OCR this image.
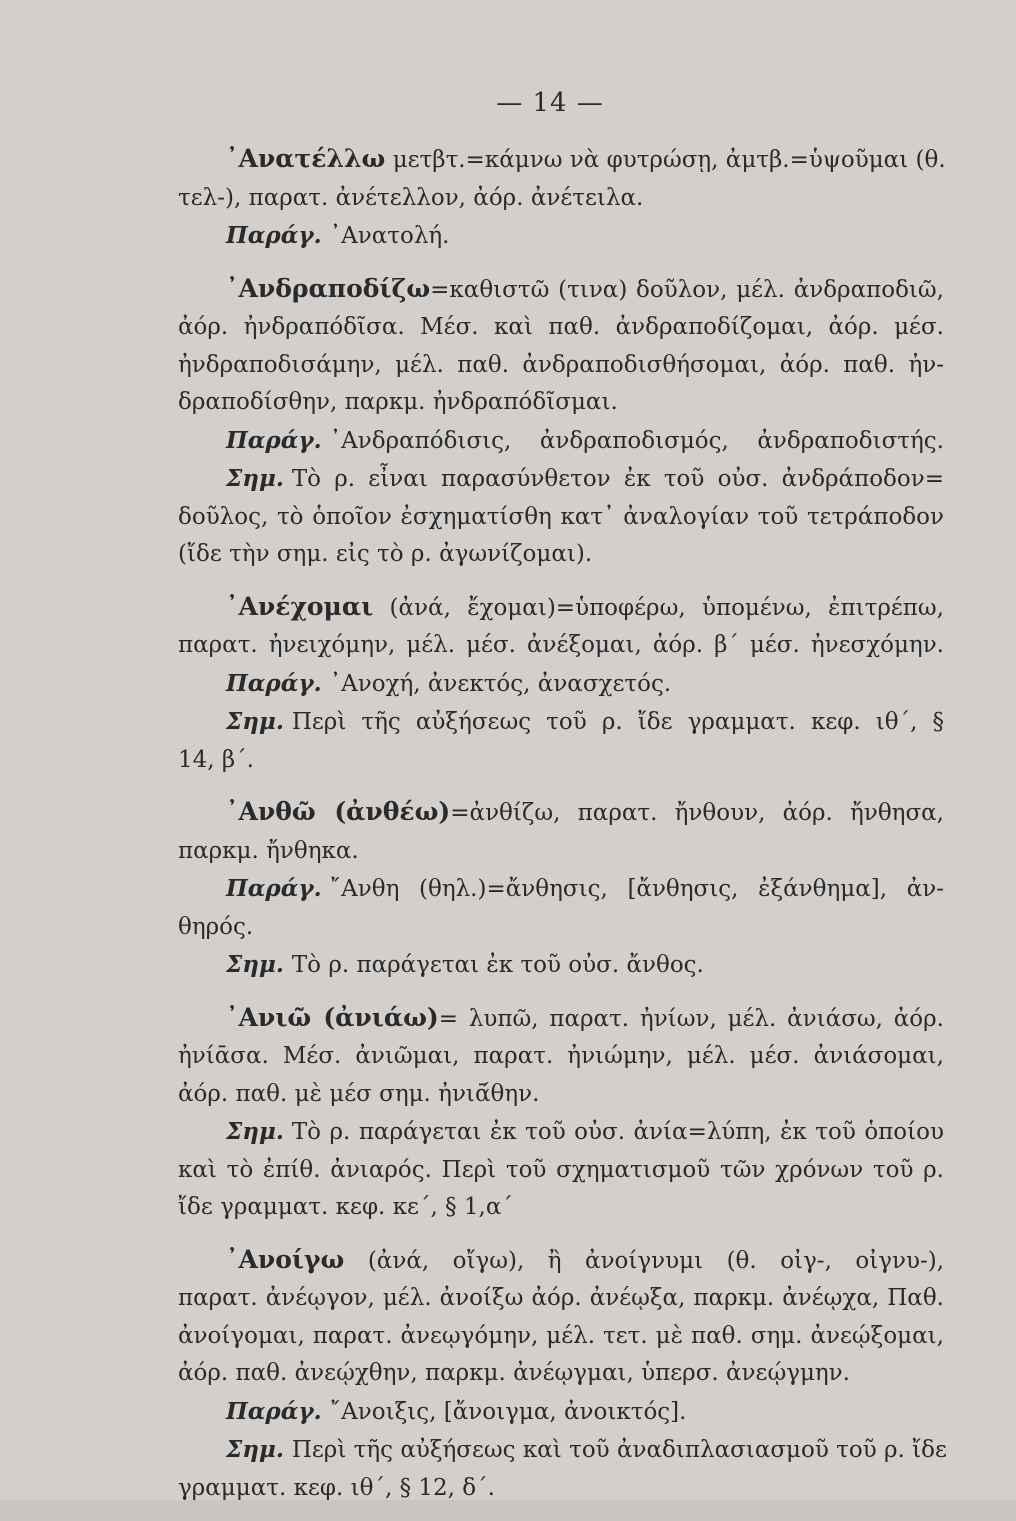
— 14 —
᾿Ανατέλλω μετβτ.=κάμνω νὰ φυτρώσῃ, ἀμτβ.=ὑψοῦμαι (θ.
τελ-), παρατ. ἀνέτελλον, ἀόρ. ἀνέτειλα.
Παράγ. ᾿Ανατολή.
᾿Ανδραποδίζω=καθιστῶ (τινα) δοῦλον, μέλ. ἀνδραποδιῶ,
ἀόρ. ἠνδραπόδῖσα. Μέσ. καὶ παθ. ἀνδραποδίζομαι, ἀόρ. μέσ.
ἠνδραποδισάμην, μέλ. παθ. ἀνδραποδισθήσομαι, ἀόρ. παθ. ἠν-
δραποδίσθην, παρκμ. ἠνδραπόδῖσμαι.
Παράγ. ᾿Ανδραπόδισις, ἀνδραποδισμός, ἀνδραποδιστής.
Σημ. Τὸ ρ. εἶναι παρασύνθετον ἐκ τοῦ οὐσ. ἀνδράποδον=
δοῦλος, τὸ ὁποῖον ἐσχηματίσθη κατ᾿ ἀναλογίαν τοῦ τετράποδον
(ἴδε τὴν σημ. εἰς τὸ ρ. ἀγωνίζομαι).
᾿Ανέχομαι (ἀνά, ἔχομαι)=ὑποφέρω, ὑπομένω, ἐπιτρέπω,
παρατ. ἠνειχόμην, μέλ. μέσ. ἀνέξομαι, ἀόρ. β´ μέσ. ἠνεσχόμην.
Παράγ. ᾿Ανοχή, ἀνεκτός, ἀνασχετός.
Σημ. Περὶ τῆς αὐξήσεως τοῦ ρ. ἴδε γραμματ. κεφ. ιθ´, §
14, β´.
᾿Ανθῶ (ἀνθέω)=ἀνθίζω, παρατ. ἤνθουν, ἀόρ. ἤνθησα,
παρκμ. ἤνθηκα.
Παράγ. ῎Ανθη (θηλ.)=ἄνθησις, [ἄνθησις, ἐξάνθημα], ἀν-
θηρός.
Σημ. Τὸ ρ. παράγεται ἐκ τοῦ οὐσ. ἄνθος.
᾿Ανιῶ (ἀνιάω)= λυπῶ, παρατ. ἠνίων, μέλ. ἀνιάσω, ἀόρ.
ἠνίᾱσα. Μέσ. ἀνιῶμαι, παρατ. ἠνιώμην, μέλ. μέσ. ἀνιάσομαι,
ἀόρ. παθ. μὲ μέσ σημ. ἠνιᾱ́θην.
Σημ. Τὸ ρ. παράγεται ἐκ τοῦ οὐσ. ἀνία=λύπη, ἐκ τοῦ ὁποίου
καὶ τὸ ἐπίθ. ἀνιαρός. Περὶ τοῦ σχηματισμοῦ τῶν χρόνων τοῦ ρ.
ἴδε γραμματ. κεφ. κε´, § 1,α´
᾿Ανοίγω (ἀνά, οἴγω), ἢ ἀνοίγνυμι (θ. οἰγ-, οἰγνυ-),
παρατ. ἀνέῳγον, μέλ. ἀνοίξω ἀόρ. ἀνέῳξα, παρκμ. ἀνέῳχα, Παθ.
ἀνοίγομαι, παρατ. ἀνεῳγόμην, μέλ. τετ. μὲ παθ. σημ. ἀνεῴξομαι,
ἀόρ. παθ. ἀνεῴχθην, παρκμ. ἀνέῳγμαι, ὑπερσ. ἀνεῴγμην.
Παράγ. ῎Ανοιξις, [ἄνοιγμα, ἀνοικτός].
Σημ. Περὶ τῆς αὐξήσεως καὶ τοῦ ἀναδιπλασιασμοῦ τοῦ ρ. ἴδε
γραμματ. κεφ. ιθ´, § 12, δ´.
